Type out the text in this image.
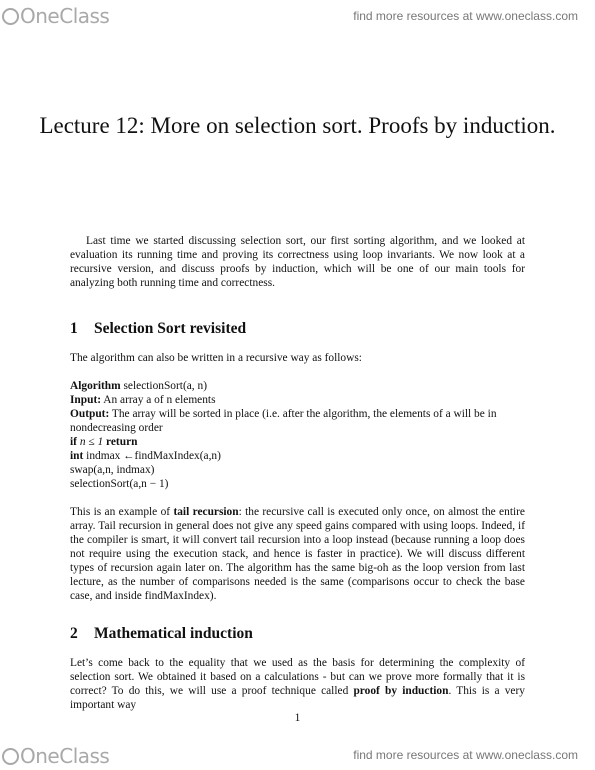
OneClass	find more resources at www.oneclass.com
Lecture 12: More on selection sort. Proofs by induction.

Last time we started discussing selection sort, our first sorting algorithm, and we looked at evaluation its running time and proving its correctness using loop invariants. We now look at a recursive version, and discuss proofs by induction, which will be one of our main tools for analyzing both running time and correctness.

1 Selection Sort revisited

The algorithm can also be written in a recursive way as follows:

Algorithm selectionSort(a, n)

Input: An array a of n elements

Output: The array will be sorted in place (i.e. after the algorithm, the elements of a will be in nondecreasing order

if n ≤ 1 return

int indmax ←findMaxIndex(a,n)

swap(a,n, indmax)

selectionSort(a,n − 1)

This is an example of tail recursion: the recursive call is executed only once, on almost the entire array. Tail recursion in general does not give any speed gains compared with using loops. Indeed, if the compiler is smart, it will convert tail recursion into a loop instead (because running a loop does not require using the execution stack, and hence is faster in practice). We will discuss different types of recursion again later on. The algorithm has the same big-oh as the loop version from last lecture, as the number of comparisons needed is the same (comparisons occur to check the base case, and inside findMaxIndex).

2 Mathematical induction

Let’s come back to the equality that we used as the basis for determining the complexity of selection sort. We obtained it based on a calculations - but can we prove more formally that it is correct? To do this, we will use a proof technique called proof by induction. This is a very important way

1
OneClass	find more resources at www.oneclass.com
